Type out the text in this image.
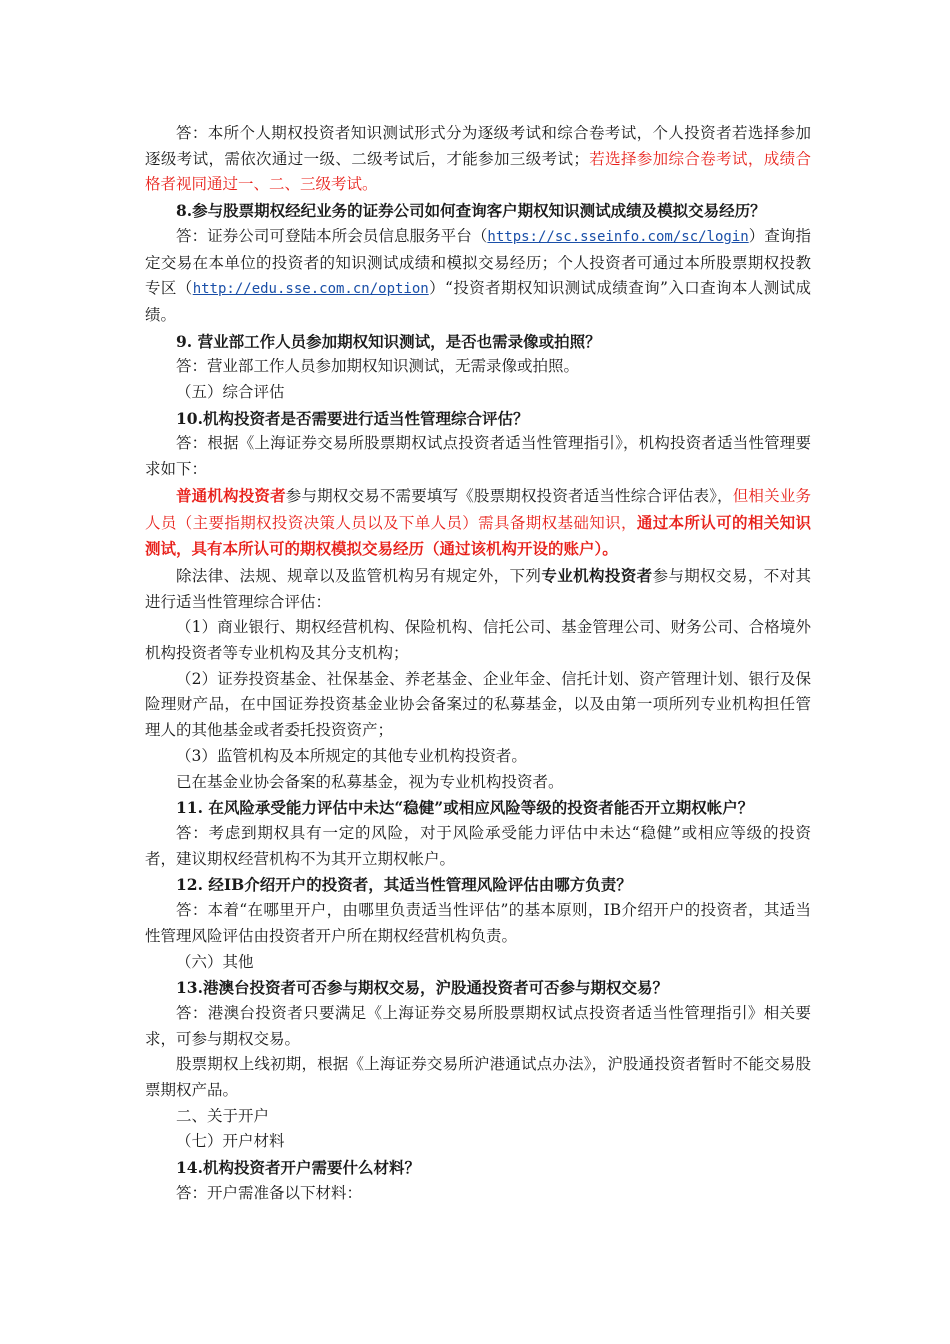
答：本所个人期权投资者知识测试形式分为逐级考试和综合卷考试，个人投资者若选择参加逐级考试，需依次通过一级、二级考试后，才能参加三级考试；若选择参加综合卷考试，成绩合格者视同通过一、二、三级考试。

8.参与股票期权经纪业务的证券公司如何查询客户期权知识测试成绩及模拟交易经历？

答：证券公司可登陆本所会员信息服务平台（https://sc.sseinfo.com/sc/login）查询指定交易在本单位的投资者的知识测试成绩和模拟交易经历；个人投资者可通过本所股票期权投教专区（http://edu.sse.com.cn/option）“投资者期权知识测试成绩查询”入口查询本人测试成绩。

9. 营业部工作人员参加期权知识测试，是否也需录像或拍照？

答：营业部工作人员参加期权知识测试，无需录像或拍照。

（五）综合评估

10.机构投资者是否需要进行适当性管理综合评估？

答：根据《上海证券交易所股票期权试点投资者适当性管理指引》，机构投资者适当性管理要求如下：

普通机构投资者参与期权交易不需要填写《股票期权投资者适当性综合评估表》，但相关业务人员（主要指期权投资决策人员以及下单人员）需具备期权基础知识，通过本所认可的相关知识测试，具有本所认可的期权模拟交易经历（通过该机构开设的账户）。

除法律、法规、规章以及监管机构另有规定外，下列专业机构投资者参与期权交易，不对其进行适当性管理综合评估：

（1）商业银行、期权经营机构、保险机构、信托公司、基金管理公司、财务公司、合格境外机构投资者等专业机构及其分支机构；

（2）证券投资基金、社保基金、养老基金、企业年金、信托计划、资产管理计划、银行及保险理财产品，在中国证券投资基金业协会备案过的私募基金，以及由第一项所列专业机构担任管理人的其他基金或者委托投资资产；

（3）监管机构及本所规定的其他专业机构投资者。

已在基金业协会备案的私募基金，视为专业机构投资者。

11. 在风险承受能力评估中未达“稳健”或相应风险等级的投资者能否开立期权帐户？

答：考虑到期权具有一定的风险，对于风险承受能力评估中未达“稳健”或相应等级的投资者，建议期权经营机构不为其开立期权帐户。

12. 经IB介绍开户的投资者，其适当性管理风险评估由哪方负责？

答：本着“在哪里开户，由哪里负责适当性评估”的基本原则，IB介绍开户的投资者，其适当性管理风险评估由投资者开户所在期权经营机构负责。

（六）其他

13.港澳台投资者可否参与期权交易，沪股通投资者可否参与期权交易？

答：港澳台投资者只要满足《上海证券交易所股票期权试点投资者适当性管理指引》相关要求，可参与期权交易。

股票期权上线初期，根据《上海证券交易所沪港通试点办法》，沪股通投资者暂时不能交易股票期权产品。

二、关于开户

（七）开户材料

14.机构投资者开户需要什么材料？

答：开户需准备以下材料：
